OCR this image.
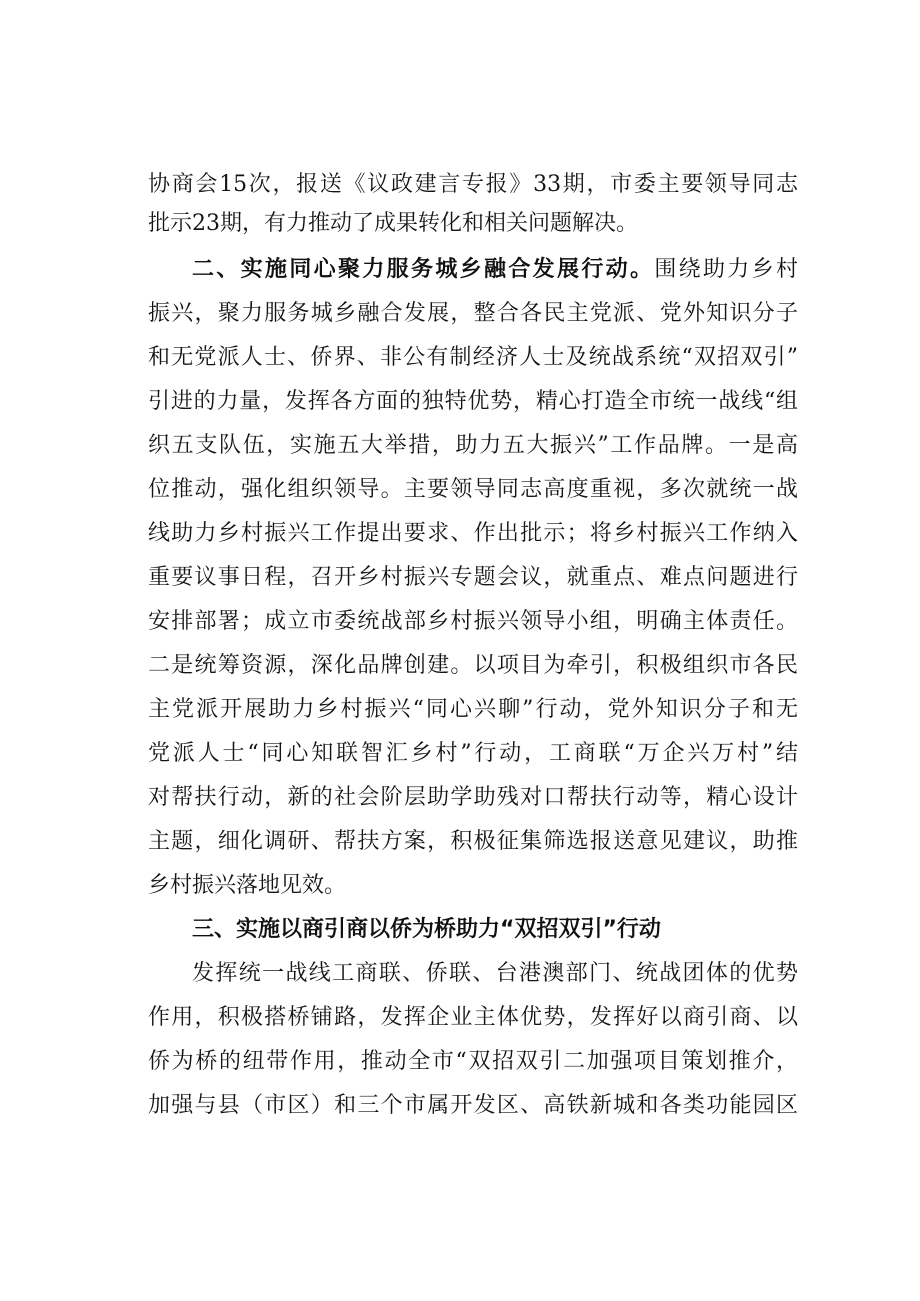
协商会15次，报送《议政建言专报》33期，市委主要领导同志
批示23期，有力推动了成果转化和相关问题解决。
二、实施同心聚力服务城乡融合发展行动。围绕助力乡村
振兴，聚力服务城乡融合发展，整合各民主党派、党外知识分子
和无党派人士、侨界、非公有制经济人士及统战系统“双招双引”
引进的力量，发挥各方面的独特优势，精心打造全市统一战线“组
织五支队伍，实施五大举措，助力五大振兴”工作品牌。一是高
位推动，强化组织领导。主要领导同志高度重视，多次就统一战
线助力乡村振兴工作提出要求、作出批示；将乡村振兴工作纳入
重要议事日程，召开乡村振兴专题会议，就重点、难点问题进行
安排部署；成立市委统战部乡村振兴领导小组，明确主体责任。
二是统筹资源，深化品牌创建。以项目为牵引，积极组织市各民
主党派开展助力乡村振兴“同心兴聊”行动，党外知识分子和无
党派人士“同心知联智汇乡村”行动，工商联“万企兴万村”结
对帮扶行动，新的社会阶层助学助残对口帮扶行动等，精心设计
主题，细化调研、帮扶方案，积极征集筛选报送意见建议，助推
乡村振兴落地见效。
三、实施以商引商以侨为桥助力“双招双引”行动
发挥统一战线工商联、侨联、台港澳部门、统战团体的优势
作用，积极搭桥铺路，发挥企业主体优势，发挥好以商引商、以
侨为桥的纽带作用，推动全市“双招双引二加强项目策划推介，
加强与县（市区）和三个市属开发区、高铁新城和各类功能园区
